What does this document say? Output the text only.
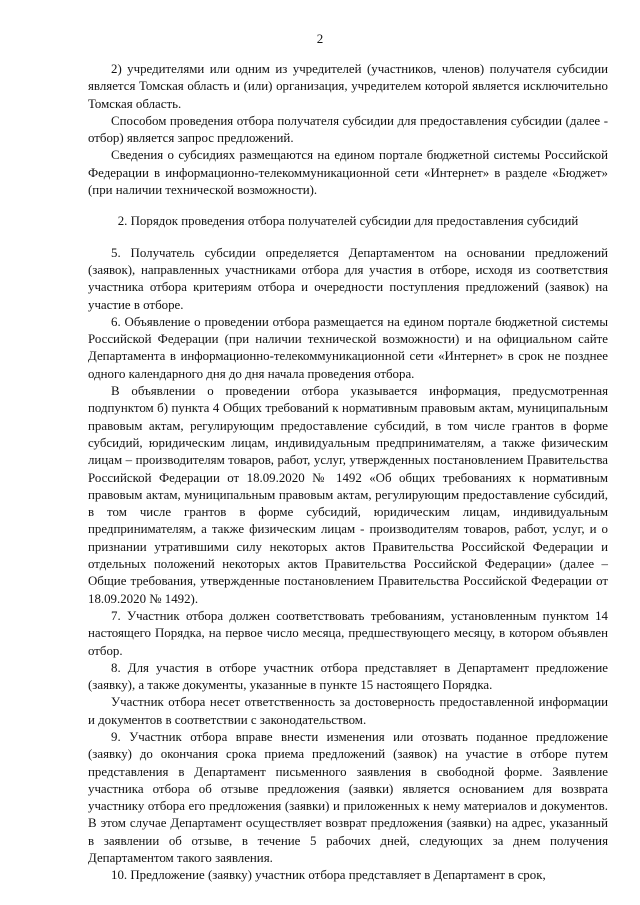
2

2) учредителями или одним из учредителей (участников, членов) получателя субсидии является Томская область и (или) организация, учредителем которой является исключительно Томская область.

Способом проведения отбора получателя субсидии для предоставления субсидии (далее - отбор) является запрос предложений.

Сведения о субсидиях размещаются на едином портале бюджетной системы Российской Федерации в информационно-телекоммуникационной сети «Интернет» в разделе «Бюджет» (при наличии технической возможности).

2. Порядок проведения отбора получателей субсидии для предоставления субсидий

5. Получатель субсидии определяется Департаментом на основании предложений (заявок), направленных участниками отбора для участия в отборе, исходя из соответствия участника отбора критериям отбора и очередности поступления предложений (заявок) на участие в отборе.

6. Объявление о проведении отбора размещается на едином портале бюджетной системы Российской Федерации (при наличии технической возможности) и на официальном сайте Департамента в информационно-телекоммуникационной сети «Интернет» в срок не позднее одного календарного дня до дня начала проведения отбора.

В объявлении о проведении отбора указывается информация, предусмотренная подпунктом б) пункта 4 Общих требований к нормативным правовым актам, муниципальным правовым актам, регулирующим предоставление субсидий, в том числе грантов в форме субсидий, юридическим лицам, индивидуальным предпринимателям, а также физическим лицам – производителям товаров, работ, услуг, утвержденных постановлением Правительства Российской Федерации от 18.09.2020 № 1492 «Об общих требованиях к нормативным правовым актам, муниципальным правовым актам, регулирующим предоставление субсидий, в том числе грантов в форме субсидий, юридическим лицам, индивидуальным предпринимателям, а также физическим лицам - производителям товаров, работ, услуг, и о признании утратившими силу некоторых актов Правительства Российской Федерации и отдельных положений некоторых актов Правительства Российской Федерации» (далее – Общие требования, утвержденные постановлением Правительства Российской Федерации от 18.09.2020 № 1492).

7. Участник отбора должен соответствовать требованиям, установленным пунктом 14 настоящего Порядка, на первое число месяца, предшествующего месяцу, в котором объявлен отбор.

8. Для участия в отборе участник отбора представляет в Департамент предложение (заявку), а также документы, указанные в пункте 15 настоящего Порядка.

Участник отбора несет ответственность за достоверность предоставленной информации и документов в соответствии с законодательством.

9. Участник отбора вправе внести изменения или отозвать поданное предложение (заявку) до окончания срока приема предложений (заявок) на участие в отборе путем представления в Департамент письменного заявления в свободной форме. Заявление участника отбора об отзыве предложения (заявки) является основанием для возврата участнику отбора его предложения (заявки) и приложенных к нему материалов и документов. В этом случае Департамент осуществляет возврат предложения (заявки) на адрес, указанный в заявлении об отзыве, в течение 5 рабочих дней, следующих за днем получения Департаментом такого заявления.

10. Предложение (заявку) участник отбора представляет в Департамент в срок,
